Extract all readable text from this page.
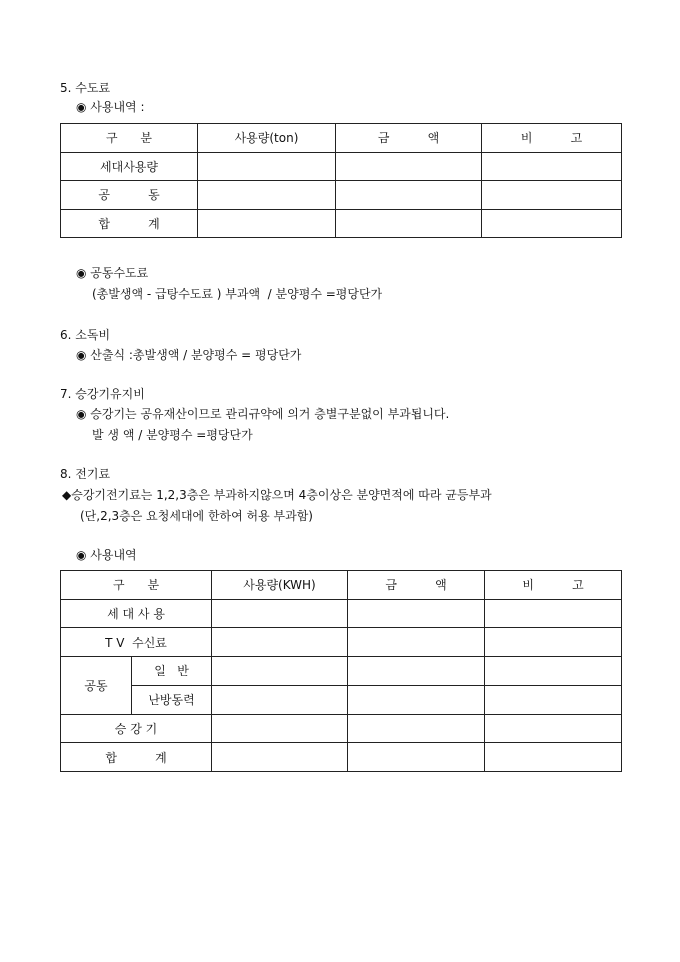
5. 수도료
◉ 사용내역 :
구      분	사용량(ton)	금          액	비          고
세대사용량			
공          동			
합          계			
◉ 공동수도료
(총발생액 - 급탕수도료 ) 부과액  / 분양평수 =평당단가
6. 소독비
◉ 산출식 :총발생액 / 분양평수 = 평당단가
7. 승강기유지비
◉ 승강기는 공유재산이므로 관리규약에 의거 층별구분없이 부과됩니다.
발 생 액 / 분양평수 =평당단가
8. 전기료
◆승강기전기료는 1,2,3층은 부과하지않으며 4층이상은 분양면적에 따라 균등부과
(단,2,3층은 요청세대에 한하여 허용 부과함)
◉ 사용내역
구      분		사용량(KWH)	금          액	비          고
세 대 사 용				
T V  수신료				
공동	일   반			
	난방동력			
승 강 기				
합          계				
